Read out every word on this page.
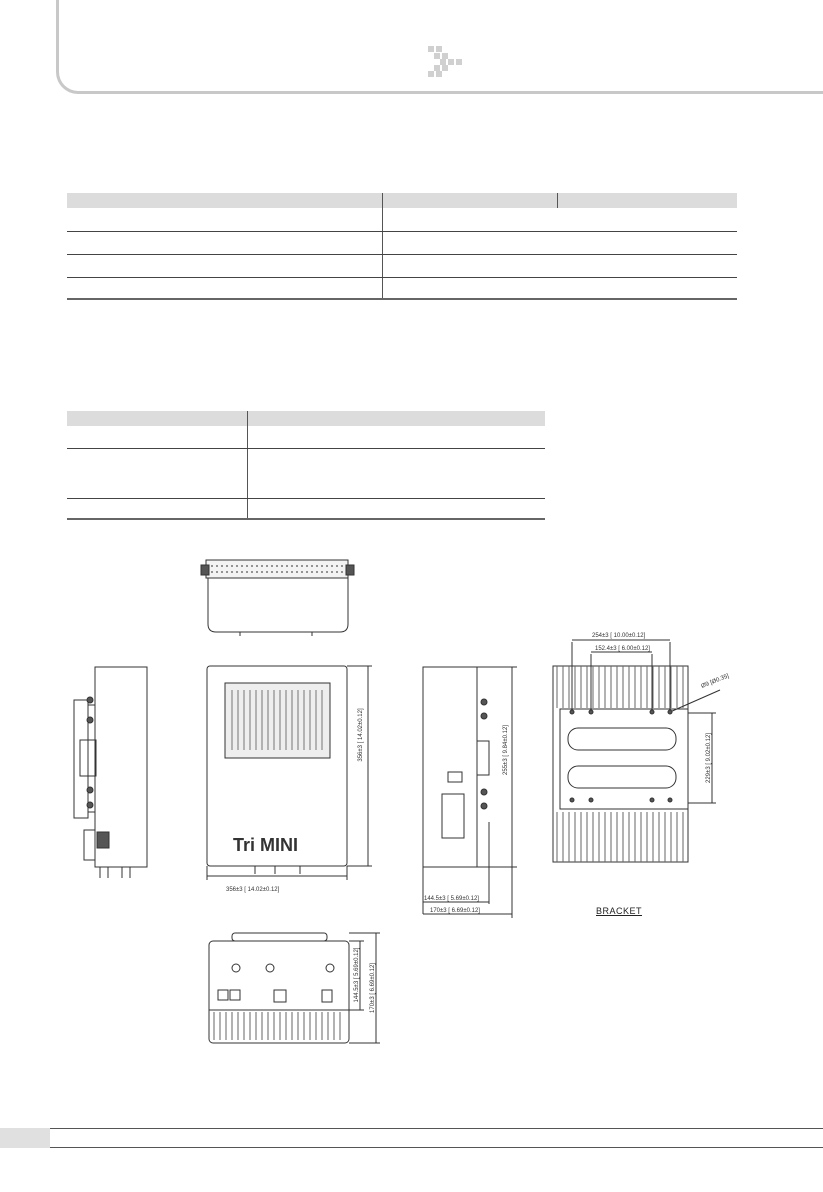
Tri MINI
356±3 [ 14.02±0.12]
356±3 [ 14.02±0.12]	255±3 [ 9.84±0.12]
144.5±3 [ 5.69±0.12]
170±3 [ 6.69±0.12]
254±3 [ 10.00±0.12]
152.4±3 [ 6.00±0.12]
Ø9 [Ø0.35]
229±3 [ 9.02±0.12]
144.5±3 [ 5.69±0.12] 170±3 [ 6.69±0.12]
BRACKET
